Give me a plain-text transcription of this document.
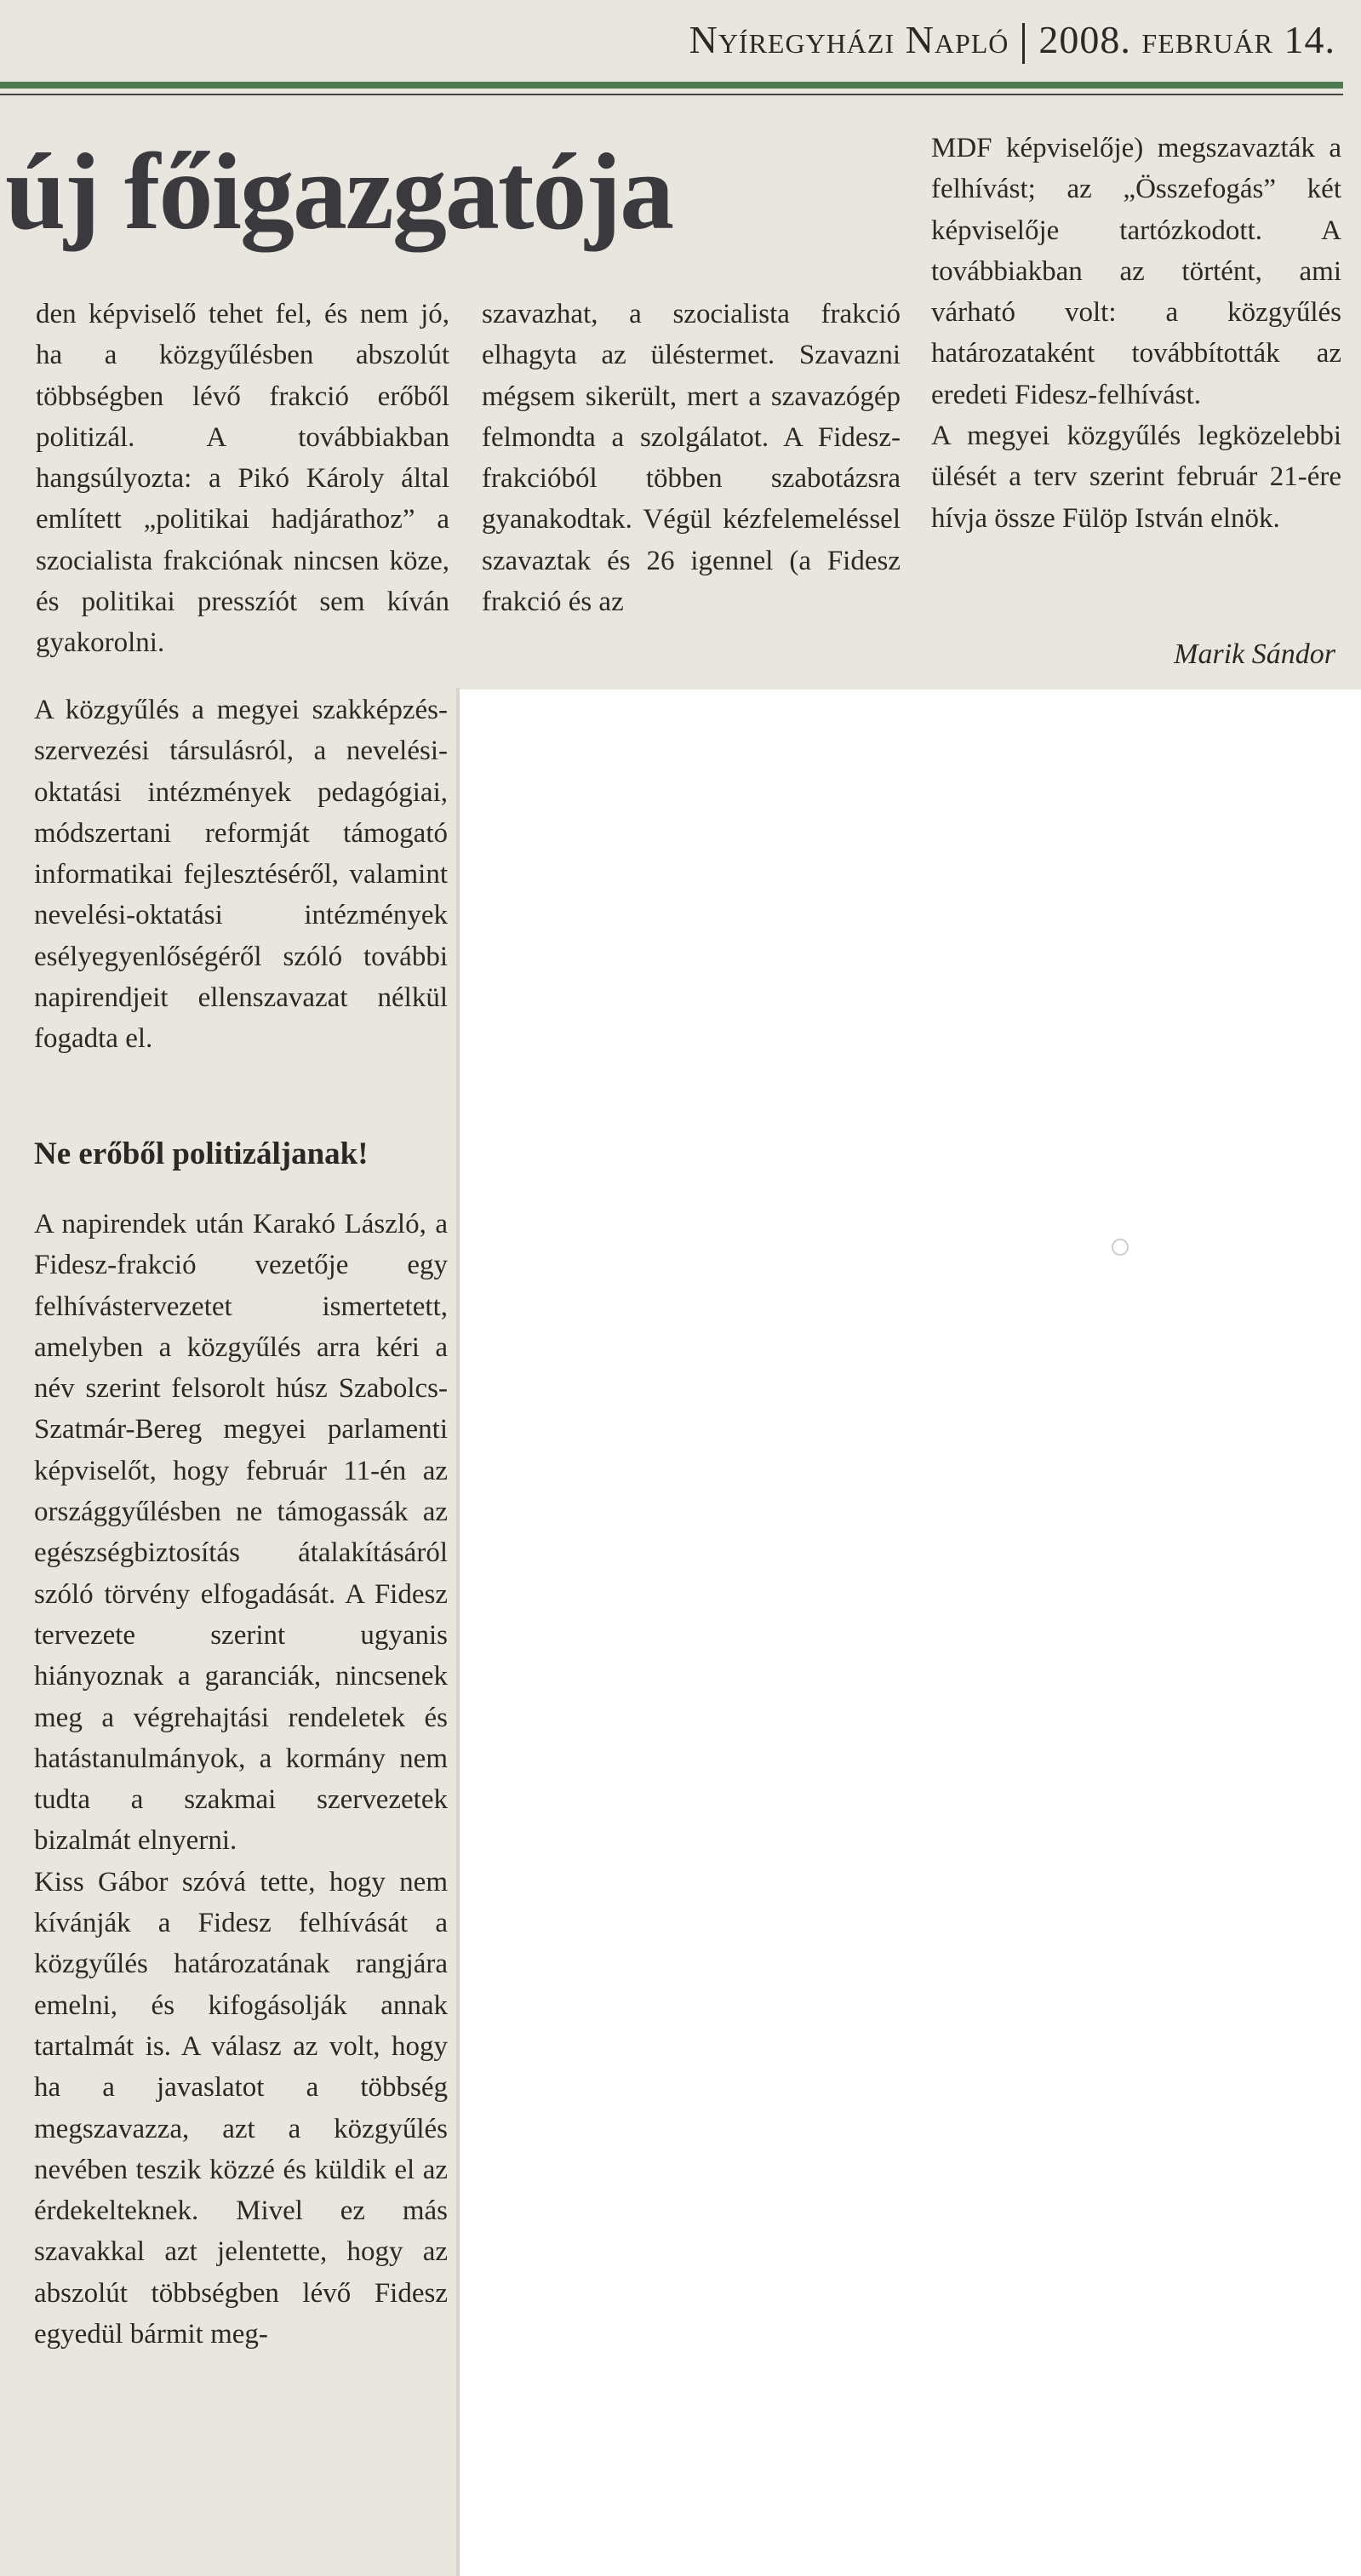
Nyíregyházi Napló 2008. február 14.
új főigazgatója

den képviselő tehet fel, és nem jó, ha a közgyűlésben abszolút többségben lévő frakció erőből politizál. A továbbiakban hangsúlyozta: a Pikó Károly által említett „politikai hadjárathoz” a szocialista frakciónak nincsen köze, és politikai presszíót sem kíván gyakorolni.

szavazhat, a szocialista frakció elhagyta az üléstermet. Szavazni mégsem sikerült, mert a szavazógép felmondta a szolgálatot. A Fidesz-frakcióból többen szabotázsra gyanakodtak. Végül kézfelemeléssel szavaztak és 26 igennel (a Fidesz frakció és az

MDF képviselője) megszavazták a felhívást; az „Összefogás” két képviselője tartózkodott. A továbbiakban az történt, ami várható volt: a közgyűlés határozataként továbbították az eredeti Fidesz-felhívást.

A megyei közgyűlés legközelebbi ülését a terv szerint február 21-ére hívja össze Fülöp István elnök.

Marik Sándor

A közgyűlés a megyei szakképzés-szervezési társulásról, a nevelési-oktatási intézmények pedagógiai, módszertani reformját támogató informatikai fejlesztéséről, valamint nevelési-oktatási intézmények esélyegyenlőségéről szóló további napirendjeit ellenszavazat nélkül fogadta el.

Ne erőből politizáljanak!

A napirendek után Karakó László, a Fidesz-frakció vezetője egy felhívástervezetet ismertetett, amelyben a közgyűlés arra kéri a név szerint felsorolt húsz Szabolcs-Szatmár-Bereg megyei parlamenti képviselőt, hogy február 11-én az országgyűlésben ne támogassák az egészségbiztosítás átalakításáról szóló törvény elfogadását. A Fidesz tervezete szerint ugyanis hiányoznak a garanciák, nincsenek meg a végrehajtási rendeletek és hatástanulmányok, a kormány nem tudta a szakmai szervezetek bizalmát elnyerni.

Kiss Gábor szóvá tette, hogy nem kívánják a Fidesz felhívását a közgyűlés határozatának rangjára emelni, és kifogásolják annak tartalmát is. A válasz az volt, hogy ha a javaslatot a többség megszavazza, azt a közgyűlés nevében teszik közzé és küldik el az érdekelteknek. Mivel ez más szavakkal azt jelentette, hogy az abszolút többségben lévő Fidesz egyedül bármit meg-
